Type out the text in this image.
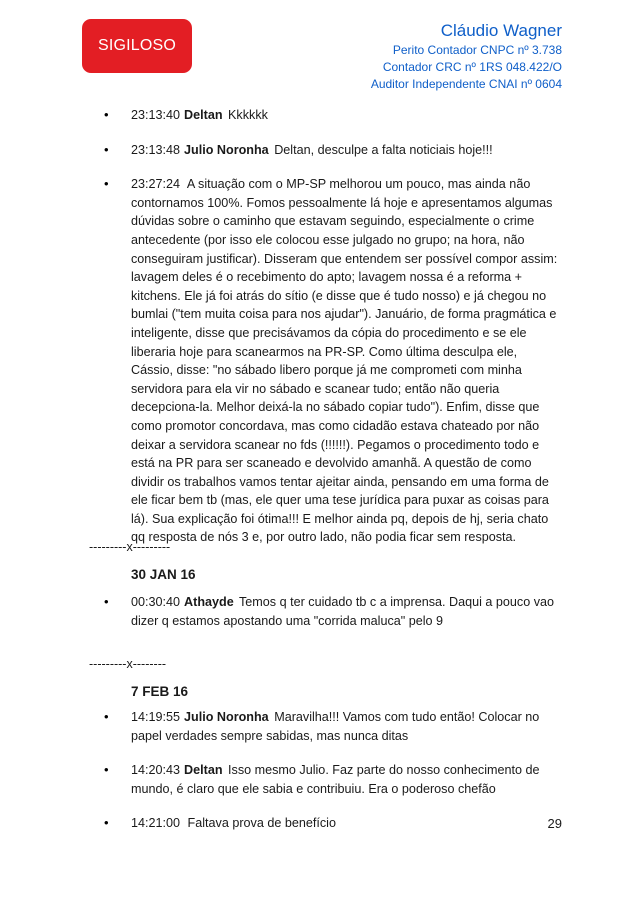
SIGILOSO
Cláudio Wagner
Perito Contador CNPC nº 3.738
Contador CRC nº 1RS 048.422/O
Auditor Independente CNAI nº 0604
• 23:13:40 Deltan Kkkkkk
• 23:13:48 Julio Noronha Deltan, desculpe a falta noticiais hoje!!!
• 23:27:24 A situação com o MP-SP melhorou um pouco, mas ainda não contornamos 100%. Fomos pessoalmente lá hoje e apresentamos algumas dúvidas sobre o caminho que estavam seguindo, especialmente o crime antecedente (por isso ele colocou esse julgado no grupo; na hora, não conseguiram justificar). Disseram que entendem ser possível compor assim: lavagem deles é o recebimento do apto; lavagem nossa é a reforma + kitchens. Ele já foi atrás do sítio (e disse que é tudo nosso) e já chegou no bumlai ("tem muita coisa para nos ajudar"). Januário, de forma pragmática e inteligente, disse que precisávamos da cópia do procedimento e se ele liberaria hoje para scanearmos na PR-SP. Como última desculpa ele, Cássio, disse: "no sábado libero porque já me comprometi com minha servidora para ela vir no sábado e scanear tudo; então não queria decepciona-la. Melhor deixá-la no sábado copiar tudo"). Enfim, disse que como promotor concordava, mas como cidadão estava chateado por não deixar a servidora scanear no fds (!!!!!!). Pegamos o procedimento todo e está na PR para ser scaneado e devolvido amanhã. A questão de como dividir os trabalhos vamos tentar ajeitar ainda, pensando em uma forma de ele ficar bem tb (mas, ele quer uma tese jurídica para puxar as coisas para lá). Sua explicação foi ótima!!! E melhor ainda pq, depois de hj, seria chato qq resposta de nós 3 e, por outro lado, não podia ficar sem resposta.
---------x---------
30 JAN 16
• 00:30:40 Athayde Temos q ter cuidado tb c a imprensa. Daqui a pouco vao dizer q estamos apostando uma "corrida maluca" pelo 9
---------x--------
7 FEB 16
• 14:19:55 Julio Noronha Maravilha!!! Vamos com tudo então! Colocar no papel verdades sempre sabidas, mas nunca ditas
• 14:20:43 Deltan Isso mesmo Julio. Faz parte do nosso conhecimento de mundo, é claro que ele sabia e contribuiu. Era o poderoso chefão
• 14:21:00 Faltava prova de benefício	29
